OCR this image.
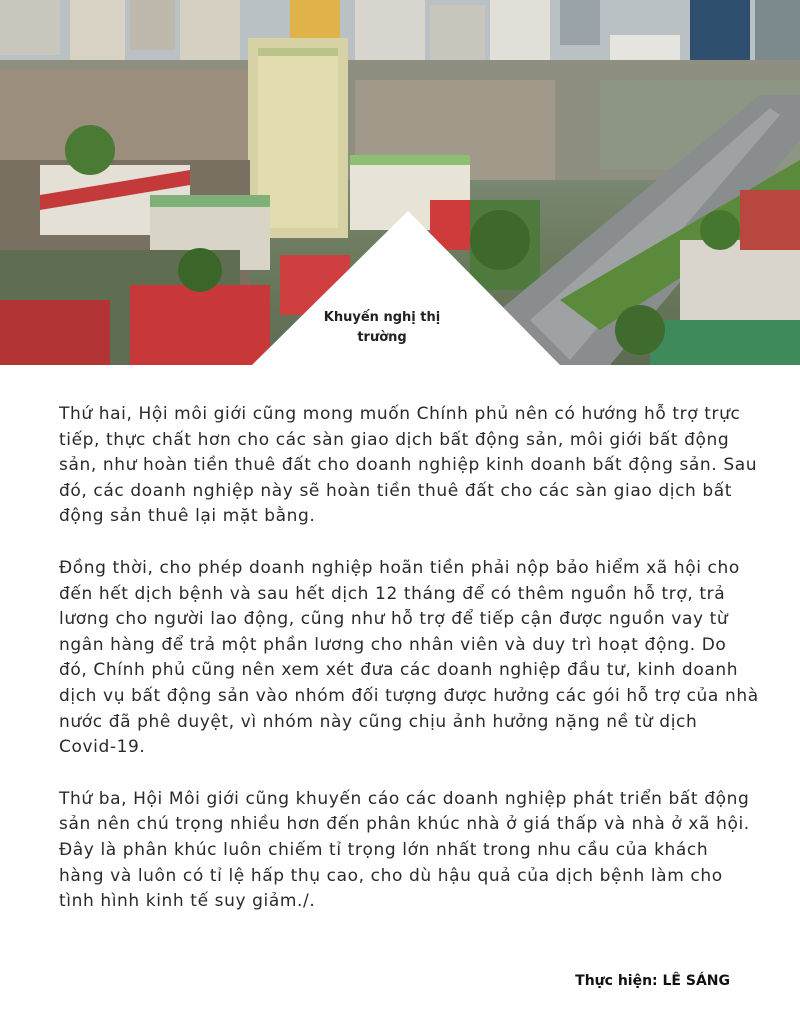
Khuyến nghị thị trường

Thứ hai, Hội môi giới cũng mong muốn Chính phủ nên có hướng hỗ trợ trực tiếp, thực chất hơn cho các sàn giao dịch bất động sản, môi giới bất động sản, như hoàn tiền thuê đất cho doanh nghiệp kinh doanh bất động sản. Sau đó, các doanh nghiệp này sẽ hoàn tiền thuê đất cho các sàn giao dịch bất động sản thuê lại mặt bằng.

Đồng thời, cho phép doanh nghiệp hoãn tiền phải nộp bảo hiểm xã hội cho đến hết dịch bệnh và sau hết dịch 12 tháng để có thêm nguồn hỗ trợ, trả lương cho người lao động, cũng như hỗ trợ để tiếp cận được nguồn vay từ ngân hàng để trả một phần lương cho nhân viên và duy trì hoạt động. Do đó, Chính phủ cũng nên xem xét đưa các doanh nghiệp đầu tư, kinh doanh dịch vụ bất động sản vào nhóm đối tượng được hưởng các gói hỗ trợ của nhà nước đã phê duyệt, vì nhóm này cũng chịu ảnh hưởng nặng nề từ dịch Covid-19.

Thứ ba, Hội Môi giới cũng khuyến cáo các doanh nghiệp phát triển bất động sản nên chú trọng nhiều hơn đến phân khúc nhà ở giá thấp và nhà ở xã hội. Đây là phân khúc luôn chiếm tỉ trọng lớn nhất trong nhu cầu của khách hàng và luôn có tỉ lệ hấp thụ cao, cho dù hậu quả của dịch bệnh làm cho tình hình kinh tế suy giảm./.

Thực hiện: LÊ SÁNG
